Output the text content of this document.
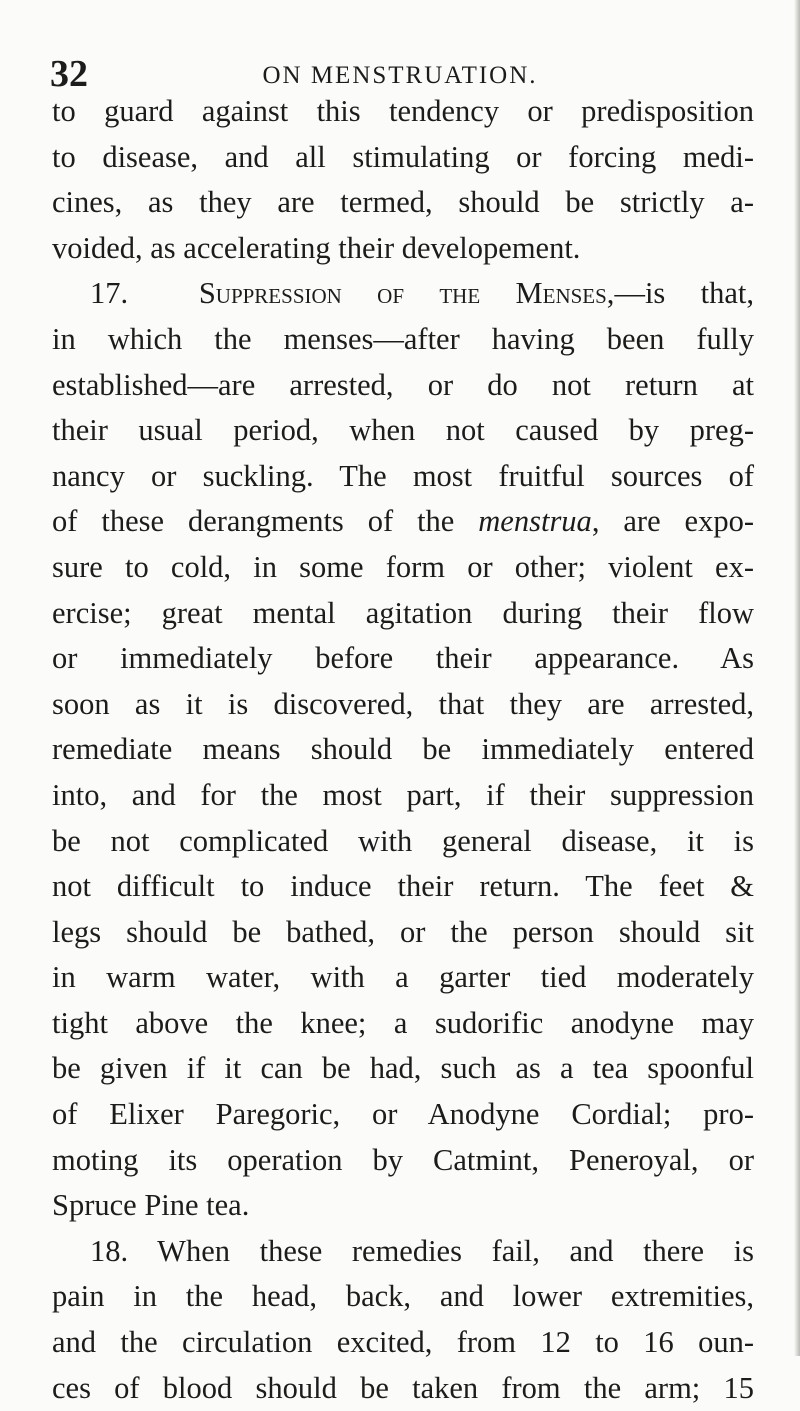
32	ON MENSTRUATION.
to guard against this tendency or predisposition
to disease, and all stimulating or forcing medi-
cines, as they are termed, should be strictly a-
voided, as accelerating their developement.
17. Suppression of the Menses,—is that,
in which the menses—after having been fully
established—are arrested, or do not return at
their usual period, when not caused by preg-
nancy or suckling. The most fruitful sources of
of these derangments of the menstrua, are expo-
sure to cold, in some form or other; violent ex-
ercise; great mental agitation during their flow
or immediately before their appearance. As
soon as it is discovered, that they are arrested,
remediate means should be immediately entered
into, and for the most part, if their suppression
be not complicated with general disease, it is
not difficult to induce their return. The feet &
legs should be bathed, or the person should sit
in warm water, with a garter tied moderately
tight above the knee; a sudorific anodyne may
be given if it can be had, such as a tea spoonful
of Elixer Paregoric, or Anodyne Cordial; pro-
moting its operation by Catmint, Peneroyal, or
Spruce Pine tea.
18. When these remedies fail, and there is
pain in the head, back, and lower extremities,
and the circulation excited, from 12 to 16 oun-
ces of blood should be taken from the arm; 15
